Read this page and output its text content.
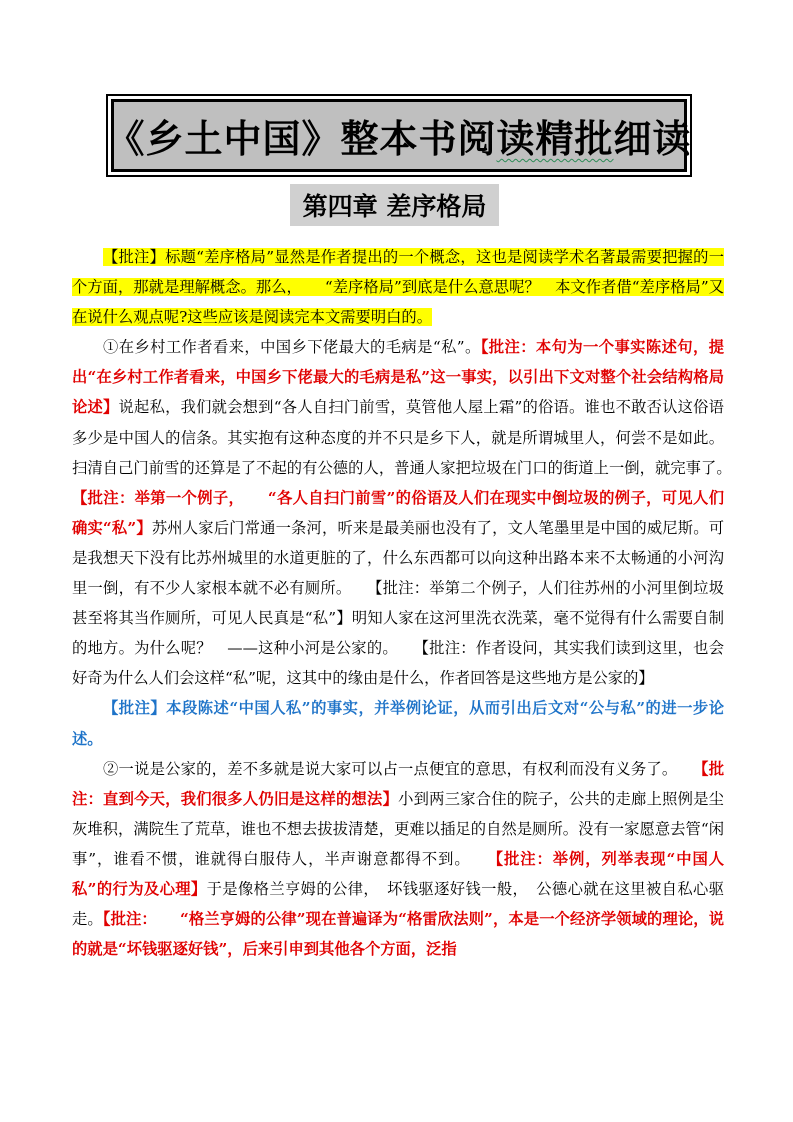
《乡土中国》整本书阅读精批细读
第四章 差序格局

【批注】标题“差序格局”显然是作者提出的一个概念，这也是阅读学术名著最需要把握的一个方面，那就是理解概念。那么，　　“差序格局”到底是什么意思呢？　本文作者借“差序格局”又在说什么观点呢?这些应该是阅读完本文需要明白的。

①在乡村工作者看来，中国乡下佬最大的毛病是“私”。【批注：本句为一个事实陈述句，提出“在乡村工作者看来，中国乡下佬最大的毛病是私”这一事实，以引出下文对整个社会结构格局论述】说起私，我们就会想到“各人自扫门前雪，莫管他人屋上霜”的俗语。谁也不敢否认这俗语多少是中国人的信条。其实抱有这种态度的并不只是乡下人，就是所谓城里人，何尝不是如此。扫清自己门前雪的还算是了不起的有公德的人，普通人家把垃圾在门口的街道上一倒，就完事了。　　【批注：举第一个例子，　　“各人自扫门前雪”的俗语及人们在现实中倒垃圾的例子，可见人们确实“私”】苏州人家后门常通一条河，听来是最美丽也没有了，文人笔墨里是中国的威尼斯。可是我想天下没有比苏州城里的水道更脏的了，什么东西都可以向这种出路本来不太畅通的小河沟里一倒，有不少人家根本就不必有厕所。　　【批注：举第二个例子，人们往苏州的小河里倒垃圾甚至将其当作厕所，可见人民真是“私”】明知人家在这河里洗衣洗菜，毫不觉得有什么需要自制的地方。为什么呢？　——这种小河是公家的。　　【批注：作者设问，其实我们读到这里，也会好奇为什么人们会这样“私”呢，这其中的缘由是什么，作者回答是这些地方是公家的】

【批注】本段陈述“中国人私”的事实，并举例论证，从而引出后文对“公与私”的进一步论述。

②一说是公家的，差不多就是说大家可以占一点便宜的意思，有权利而没有义务了。　　【批注：直到今天，我们很多人仍旧是这样的想法】小到两三家合住的院子，公共的走廊上照例是尘灰堆积，满院生了荒草，谁也不想去拔拔清楚，更难以插足的自然是厕所。没有一家愿意去管“闲事”，谁看不惯，谁就得白服侍人，半声谢意都得不到。　　【批注：举例，列举表现“中国人私”的行为及心理】于是像格兰亨姆的公律，　坏钱驱逐好钱一般，　公德心就在这里被自私心驱走。【批注：　　“格兰亨姆的公律”现在普遍译为“格雷欣法则”，本是一个经济学领域的理论，说的就是“坏钱驱逐好钱”，后来引申到其他各个方面，泛指
